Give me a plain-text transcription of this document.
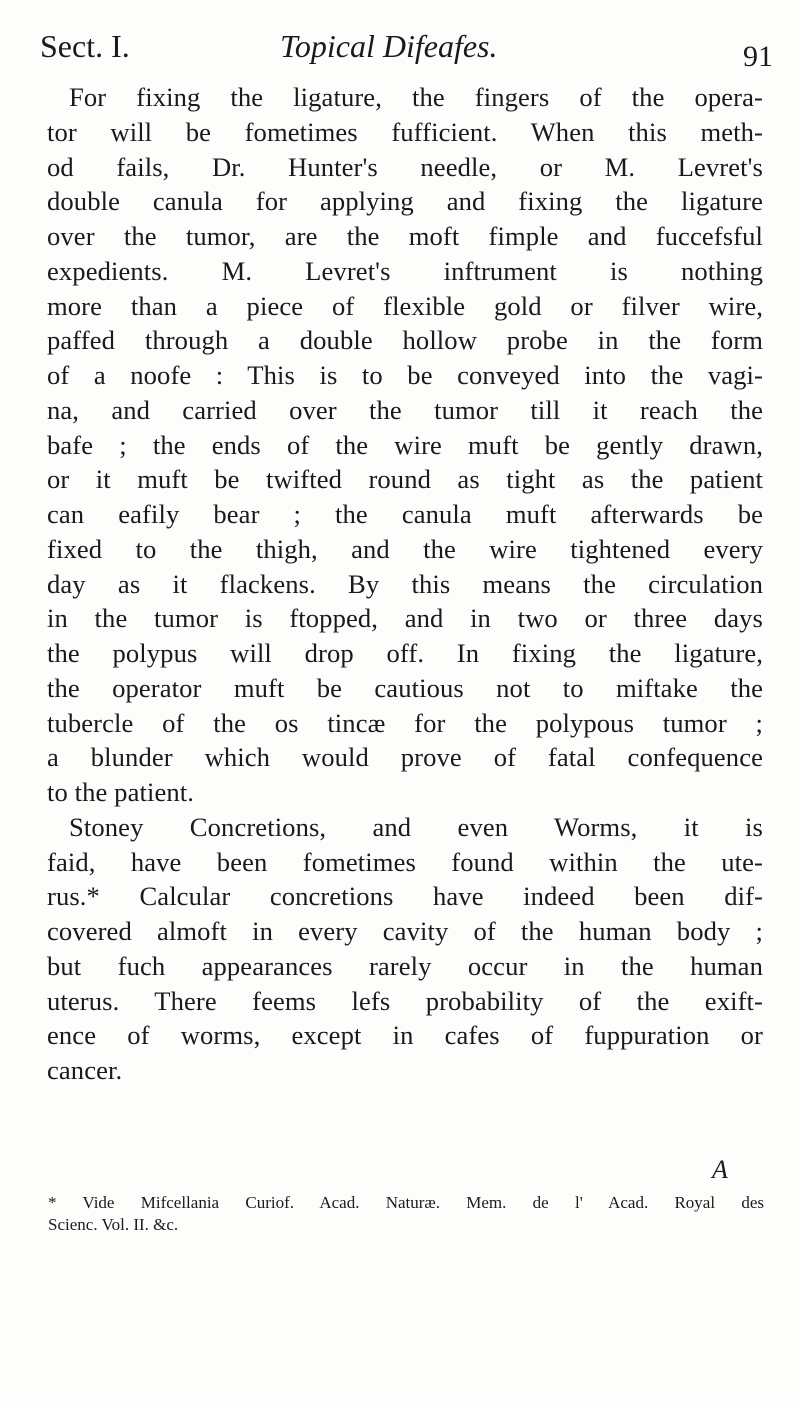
Sect. I.	Topical Difeafes.	91
For fixing the ligature, the fingers of the opera-
tor will be fometimes fufficient. When this meth-
od fails, Dr. Hunter's needle, or M. Levret's
double canula for applying and fixing the ligature
over the tumor, are the moft fimple and fuccefsful
expedients. M. Levret's inftrument is nothing
more than a piece of flexible gold or filver wire,
paffed through a double hollow probe in the form
of a noofe : This is to be conveyed into the vagi-
na, and carried over the tumor till it reach the
bafe ; the ends of the wire muft be gently drawn,
or it muft be twifted round as tight as the patient
can eafily bear ; the canula muft afterwards be
fixed to the thigh, and the wire tightened every
day as it flackens. By this means the circulation
in the tumor is ftopped, and in two or three days
the polypus will drop off. In fixing the ligature,
the operator muft be cautious not to miftake the
tubercle of the os tincæ for the polypous tumor ;
a blunder which would prove of fatal confequence
to the patient.
Stoney Concretions, and even Worms, it is
faid, have been fometimes found within the ute-
rus.* Calcular concretions have indeed been dif-
covered almoft in every cavity of the human body ;
but fuch appearances rarely occur in the human
uterus. There feems lefs probability of the exift-
ence of worms, except in cafes of fuppuration or
cancer.
A
* Vide Mifcellania Curiof. Acad. Naturæ. Mem. de l' Acad. Royal des
Scienc. Vol. II. &c.
